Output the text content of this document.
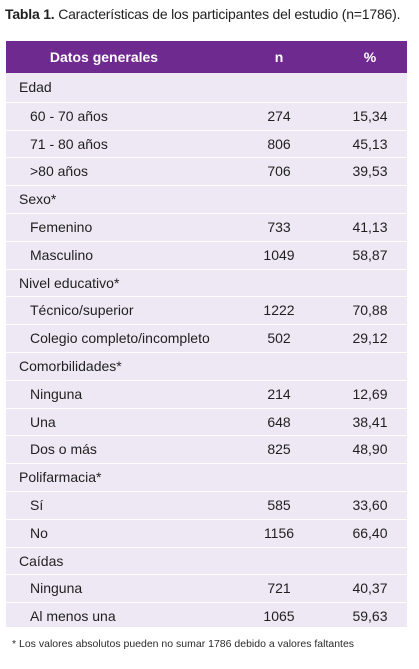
Tabla 1. Características de los participantes del estudio (n=1786).
Datos generales	n	%
Edad
60 - 70 años	274	15,34
71 - 80 años	806	45,13
>80 años	706	39,53
Sexo*
Femenino	733	41,13
Masculino	1049	58,87
Nivel educativo*
Técnico/superior	1222	70,88
Colegio completo/incompleto	502	29,12
Comorbilidades*
Ninguna	214	12,69
Una	648	38,41
Dos o más	825	48,90
Polifarmacia*
Sí	585	33,60
No	1156	66,40
Caídas
Ninguna	721	40,37
Al menos una	1065	59,63
* Los valores absolutos pueden no sumar 1786 debido a valores faltantes
